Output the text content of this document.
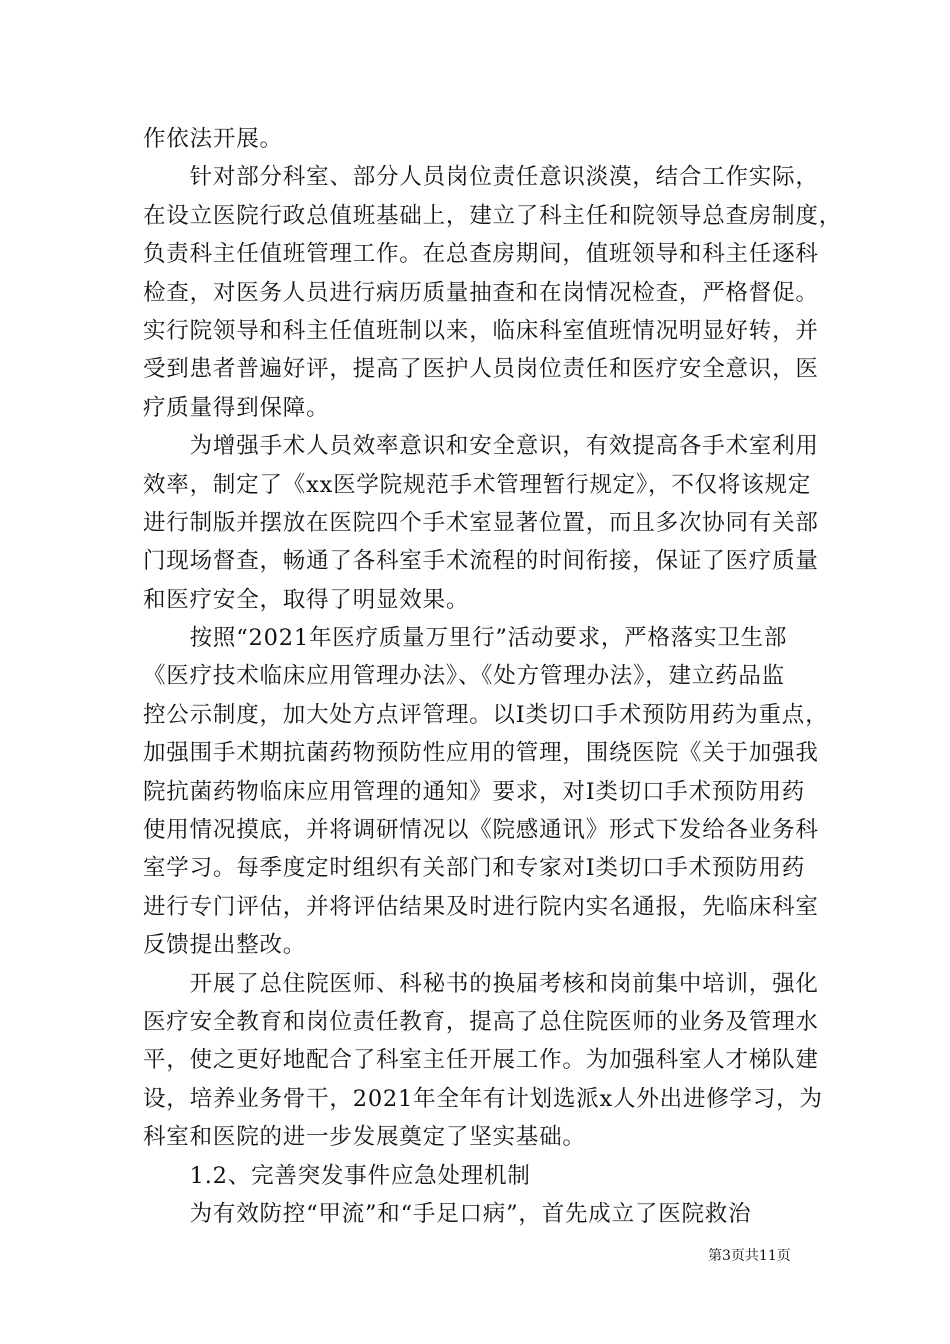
作依法开展。
　　针对部分科室、部分人员岗位责任意识淡漠，结合工作实际，
在设立医院行政总值班基础上，建立了科主任和院领导总查房制度，
负责科主任值班管理工作。在总查房期间，值班领导和科主任逐科
检查，对医务人员进行病历质量抽查和在岗情况检查，严格督促。
实行院领导和科主任值班制以来，临床科室值班情况明显好转，并
受到患者普遍好评，提高了医护人员岗位责任和医疗安全意识，医
疗质量得到保障。
　　为增强手术人员效率意识和安全意识，有效提高各手术室利用
效率，制定了《xx医学院规范手术管理暂行规定》，不仅将该规定
进行制版并摆放在医院四个手术室显著位置，而且多次协同有关部
门现场督查，畅通了各科室手术流程的时间衔接，保证了医疗质量
和医疗安全，取得了明显效果。
　　按照“2021年医疗质量万里行”活动要求，严格落实卫生部
《医疗技术临床应用管理办法》、《处方管理办法》，建立药品监
控公示制度，加大处方点评管理。以Ⅰ类切口手术预防用药为重点，
加强围手术期抗菌药物预防性应用的管理，围绕医院《关于加强我
院抗菌药物临床应用管理的通知》要求，对Ⅰ类切口手术预防用药
使用情况摸底，并将调研情况以《院感通讯》形式下发给各业务科
室学习。每季度定时组织有关部门和专家对Ⅰ类切口手术预防用药
进行专门评估，并将评估结果及时进行院内实名通报，先临床科室
反馈提出整改。
　　开展了总住院医师、科秘书的换届考核和岗前集中培训，强化
医疗安全教育和岗位责任教育，提高了总住院医师的业务及管理水
平，使之更好地配合了科室主任开展工作。为加强科室人才梯队建
设，培养业务骨干，2021年全年有计划选派x人外出进修学习，为
科室和医院的进一步发展奠定了坚实基础。
　　1.2、完善突发事件应急处理机制
　　为有效防控“甲流”和“手足口病”，首先成立了医院救治
第3页共11页
